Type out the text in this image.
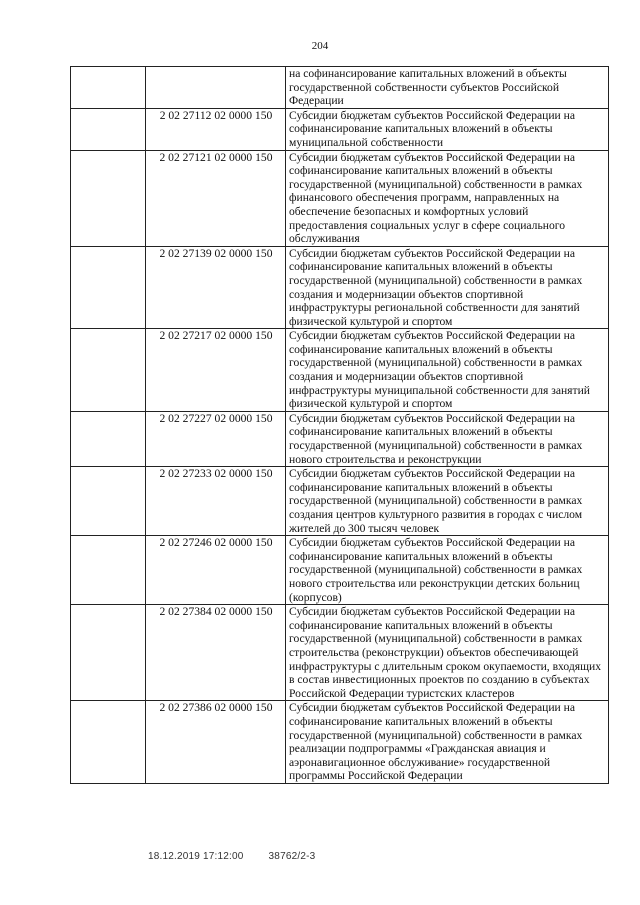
204
		на софинансирование капитальных вложений в объекты государственной собственности субъектов Российской Федерации
	2 02 27112 02 0000 150	Субсидии бюджетам субъектов Российской Федерации на софинансирование капитальных вложений в объекты муниципальной собственности
	2 02 27121 02 0000 150	Субсидии бюджетам субъектов Российской Федерации на софинансирование капитальных вложений в объекты государственной (муниципальной) собственности в рамках финансового обеспечения программ, направленных на обеспечение безопасных и комфортных условий предоставления социальных услуг в сфере социального обслуживания
	2 02 27139 02 0000 150	Субсидии бюджетам субъектов Российской Федерации на софинансирование капитальных вложений в объекты государственной (муниципальной) собственности в рамках создания и модернизации объектов спортивной инфраструктуры региональной собственности для занятий физической культурой и спортом
	2 02 27217 02 0000 150	Субсидии бюджетам субъектов Российской Федерации на софинансирование капитальных вложений в объекты государственной (муниципальной) собственности в рамках создания и модернизации объектов спортивной инфраструктуры муниципальной собственности для занятий физической культурой и спортом
	2 02 27227 02 0000 150	Субсидии бюджетам субъектов Российской Федерации на софинансирование капитальных вложений в объекты государственной (муниципальной) собственности в рамках нового строительства и реконструкции
	2 02 27233 02 0000 150	Субсидии бюджетам субъектов Российской Федерации на софинансирование капитальных вложений в объекты государственной (муниципальной) собственности в рамках создания центров культурного развития в городах с числом жителей до 300 тысяч человек
	2 02 27246 02 0000 150	Субсидии бюджетам субъектов Российской Федерации на софинансирование капитальных вложений в объекты государственной (муниципальной) собственности в рамках нового строительства или реконструкции детских больниц (корпусов)
	2 02 27384 02 0000 150	Субсидии бюджетам субъектов Российской Федерации на софинансирование капитальных вложений в объекты государственной (муниципальной) собственности в рамках строительства (реконструкции) объектов обеспечивающей инфраструктуры с длительным сроком окупаемости, входящих в состав инвестиционных проектов по созданию в субъектах Российской Федерации туристских кластеров
	2 02 27386 02 0000 150	Субсидии бюджетам субъектов Российской Федерации на софинансирование капитальных вложений в объекты государственной (муниципальной) собственности в рамках реализации подпрограммы «Гражданская авиация и аэронавигационное обслуживание» государственной программы Российской Федерации
18.12.2019 17:12:00 38762/2-3
